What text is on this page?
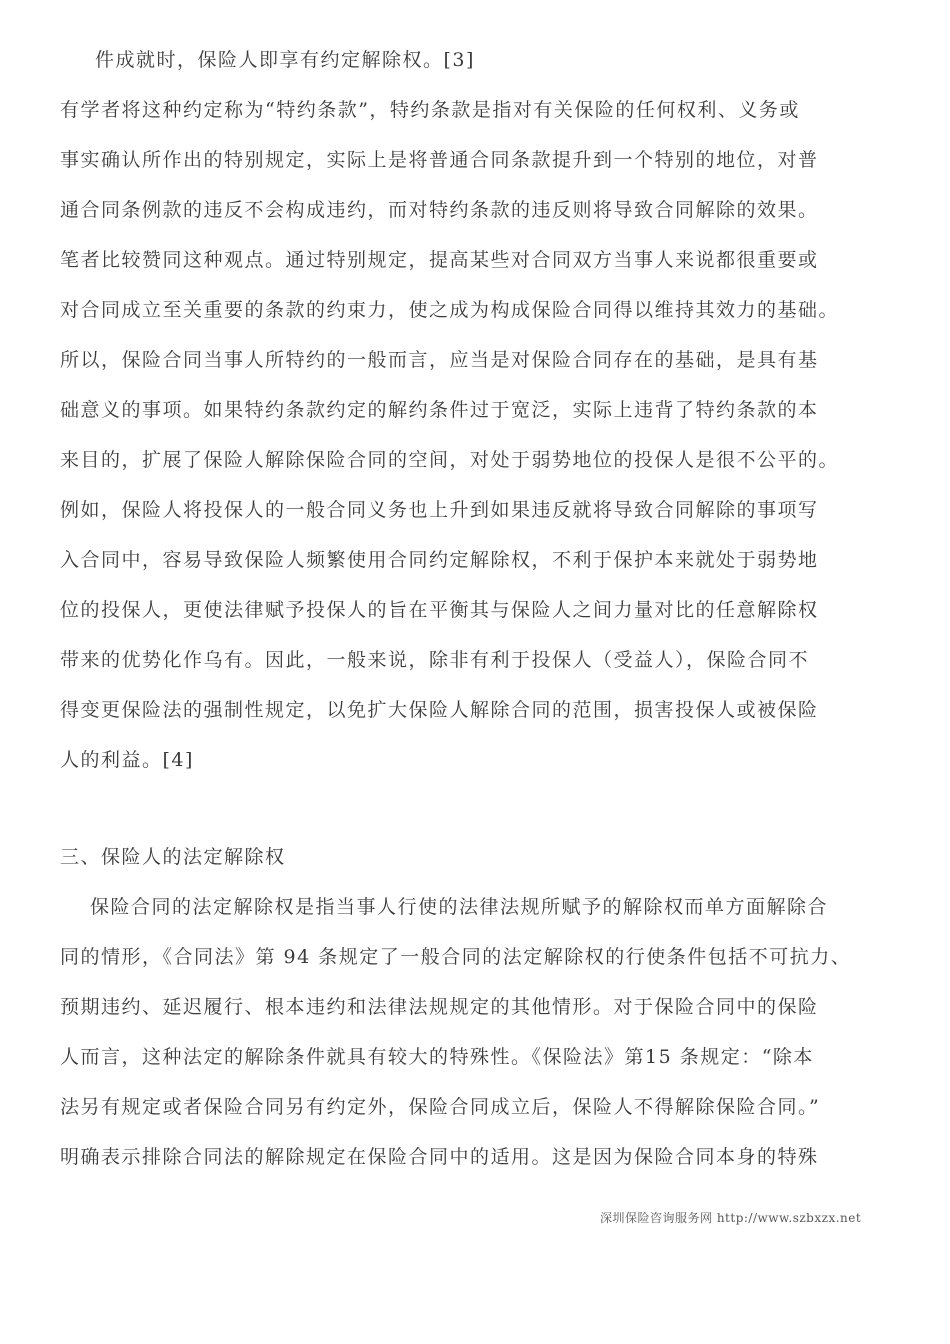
件成就时，保险人即享有约定解除权。[3]
有学者将这种约定称为“特约条款”，特约条款是指对有关保险的任何权利、义务或
事实确认所作出的特别规定，实际上是将普通合同条款提升到一个特别的地位，对普
通合同条例款的违反不会构成违约，而对特约条款的违反则将导致合同解除的效果。
笔者比较赞同这种观点。通过特别规定，提高某些对合同双方当事人来说都很重要或
对合同成立至关重要的条款的约束力，使之成为构成保险合同得以维持其效力的基础。
所以，保险合同当事人所特约的一般而言，应当是对保险合同存在的基础，是具有基
础意义的事项。如果特约条款约定的解约条件过于宽泛，实际上违背了特约条款的本
来目的，扩展了保险人解除保险合同的空间，对处于弱势地位的投保人是很不公平的。
例如，保险人将投保人的一般合同义务也上升到如果违反就将导致合同解除的事项写
入合同中，容易导致保险人频繁使用合同约定解除权，不利于保护本来就处于弱势地
位的投保人，更使法律赋予投保人的旨在平衡其与保险人之间力量对比的任意解除权
带来的优势化作乌有。因此，一般来说，除非有利于投保人（受益人），保险合同不
得变更保险法的强制性规定，以免扩大保险人解除合同的范围，损害投保人或被保险
人的利益。[4]
三、保险人的法定解除权
保险合同的法定解除权是指当事人行使的法律法规所赋予的解除权而单方面解除合
同的情形，《合同法》第 94 条规定了一般合同的法定解除权的行使条件包括不可抗力、
预期违约、延迟履行、根本违约和法律法规规定的其他情形。对于保险合同中的保险
人而言，这种法定的解除条件就具有较大的特殊性。《保险法》第15 条规定：“除本
法另有规定或者保险合同另有约定外，保险合同成立后，保险人不得解除保险合同。”
明确表示排除合同法的解除规定在保险合同中的适用。这是因为保险合同本身的特殊
深圳保险咨询服务网 http://www.szbxzx.net
